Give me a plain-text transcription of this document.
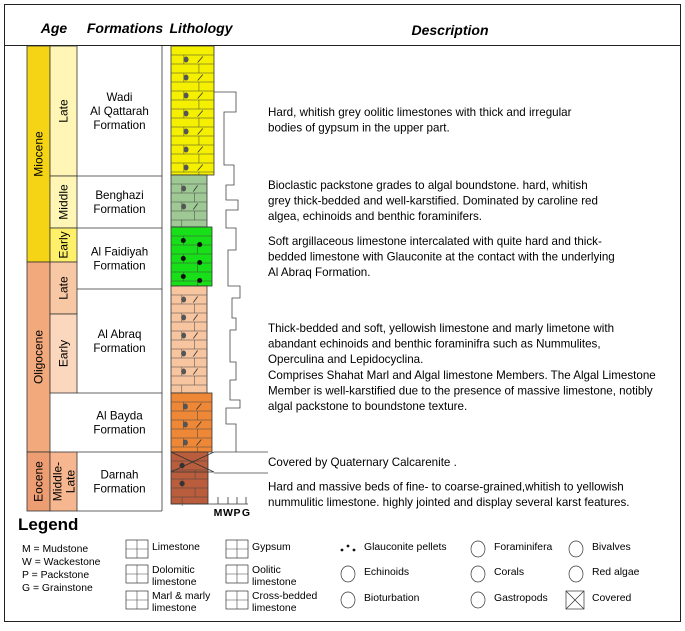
Age Formations Lithology	Description
Miocene
Oligocene
Eocene
Late
Middle
Early
Late
Early
Middle-Late
Wadi
Al Qattarah
Formation
Benghazi
Formation
Al Faidiyah
Formation
Al Abraq
Formation
Al Bayda
Formation
Darnah
Formation
Hard, whitish grey oolitic limestones with thick and irregular
bodies of gypsum in the upper part.
Bioclastic packstone grades to algal boundstone. hard, whitish
grey thick-bedded and well-karstified. Dominated by caroline red
algea, echinoids and benthic foraminifers.
Soft argillaceous limestone intercalated with quite hard and thick-
bedded limestone with Glauconite at the contact with the underlying
Al Abraq Formation.
Thick-bedded and soft, yellowish limestone and marly limetone with
abandant echinoids and benthic foraminifra such as Nummulites,
Operculina and Lepidocyclina.
Comprises Shahat Marl and Algal limestone Members. The Algal Limestone
Member is well-karstified due to the presence of massive limestone, notibly
algal packstone to boundstone texture.
Covered by Quaternary Calcarenite .
Hard and massive beds of fine- to coarse-grained,whitish to yellowish
nummulitic limestone. highly jointed and display several karst features.
M W P G
Legend
M = Mudstone
W = Wackestone
P = Packstone
G = Grainstone
Limestone
Dolomitic
limestone
Marl & marly
limestone
Gypsum
Oolitic
limestone
Cross-bedded
limestone
Glauconite pellets
Echinoids
Bioturbation
Foraminifera
Corals
Gastropods
Bivalves
Red algae
Covered
